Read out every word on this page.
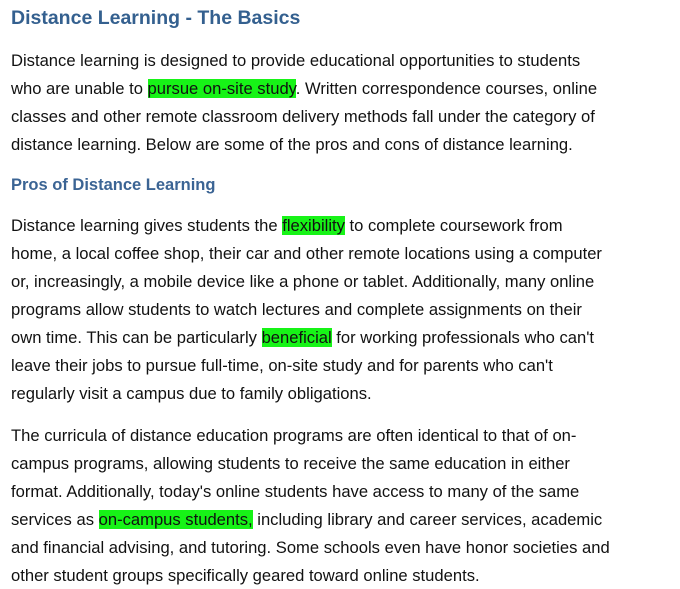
Distance Learning - The Basics
Distance learning is designed to provide educational opportunities to students
who are unable to pursue on-site study. Written correspondence courses, online
classes and other remote classroom delivery methods fall under the category of
distance learning. Below are some of the pros and cons of distance learning.
Pros of Distance Learning
Distance learning gives students the flexibility to complete coursework from
home, a local coffee shop, their car and other remote locations using a computer
or, increasingly, a mobile device like a phone or tablet. Additionally, many online
programs allow students to watch lectures and complete assignments on their
own time. This can be particularly beneficial for working professionals who can't
leave their jobs to pursue full-time, on-site study and for parents who can't
regularly visit a campus due to family obligations.
The curricula of distance education programs are often identical to that of on-
campus programs, allowing students to receive the same education in either
format. Additionally, today's online students have access to many of the same
services as on-campus students, including library and career services, academic
and financial advising, and tutoring. Some schools even have honor societies and
other student groups specifically geared toward online students.
